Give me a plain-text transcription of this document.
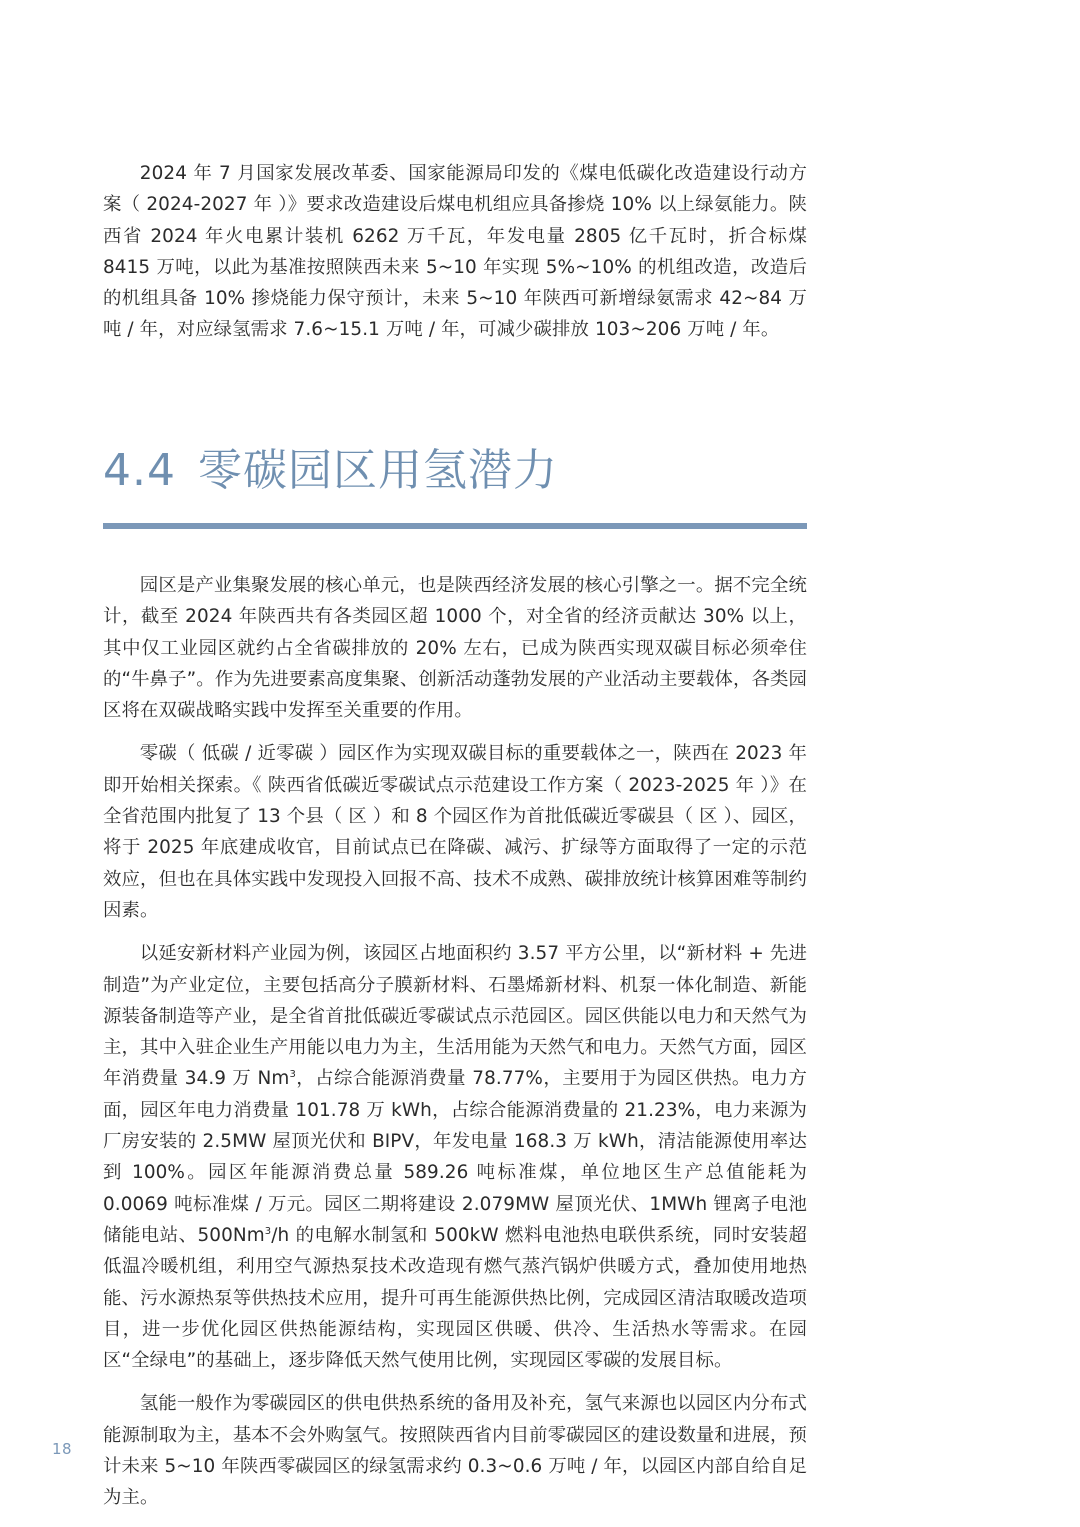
2024 年 7 月国家发展改革委、国家能源局印发的《煤电低碳化改造建设行动方案（ 2024-2027 年 ）》要求改造建设后煤电机组应具备掺烧 10% 以上绿氨能力。陕西省 2024 年火电累计装机 6262 万千瓦，年发电量 2805 亿千瓦时，折合标煤 8415 万吨，以此为基准按照陕西未来 5~10 年实现 5%~10% 的机组改造，改造后的机组具备 10% 掺烧能力保守预计，未来 5~10 年陕西可新增绿氨需求 42~84 万吨 / 年，对应绿氢需求 7.6~15.1 万吨 / 年，可减少碳排放 103~206 万吨 / 年。

4.4 零碳园区用氢潜力

园区是产业集聚发展的核心单元，也是陕西经济发展的核心引擎之一。据不完全统计，截至 2024 年陕西共有各类园区超 1000 个，对全省的经济贡献达 30% 以上，其中仅工业园区就约占全省碳排放的 20% 左右，已成为陕西实现双碳目标必须牵住的“牛鼻子”。作为先进要素高度集聚、创新活动蓬勃发展的产业活动主要载体，各类园区将在双碳战略实践中发挥至关重要的作用。

零碳（ 低碳 / 近零碳 ）园区作为实现双碳目标的重要载体之一，陕西在 2023 年即开始相关探索。《 陕西省低碳近零碳试点示范建设工作方案（ 2023-2025 年 ）》在全省范围内批复了 13 个县（ 区 ）和 8 个园区作为首批低碳近零碳县（ 区 ）、园区，将于 2025 年底建成收官，目前试点已在降碳、减污、扩绿等方面取得了一定的示范效应，但也在具体实践中发现投入回报不高、技术不成熟、碳排放统计核算困难等制约因素。

以延安新材料产业园为例，该园区占地面积约 3.57 平方公里，以“新材料 + 先进制造”为产业定位，主要包括高分子膜新材料、石墨烯新材料、机泵一体化制造、新能源装备制造等产业，是全省首批低碳近零碳试点示范园区。园区供能以电力和天然气为主，其中入驻企业生产用能以电力为主，生活用能为天然气和电力。天然气方面，园区年消费量 34.9 万 Nm$^3$，占综合能源消费量 78.77%，主要用于为园区供热。电力方面，园区年电力消费量 101.78 万 kWh，占综合能源消费量的 21.23%，电力来源为厂房安装的 2.5MW 屋顶光伏和 BIPV，年发电量 168.3 万 kWh，清洁能源使用率达到 100%。园区年能源消费总量 589.26 吨标准煤，单位地区生产总值能耗为 0.0069 吨标准煤 / 万元。园区二期将建设 2.079MW 屋顶光伏、1MWh 锂离子电池储能电站、500Nm$^3$/h 的电解水制氢和 500kW 燃料电池热电联供系统，同时安装超低温冷暖机组，利用空气源热泵技术改造现有燃气蒸汽锅炉供暖方式，叠加使用地热能、污水源热泵等供热技术应用，提升可再生能源供热比例，完成园区清洁取暖改造项目，进一步优化园区供热能源结构，实现园区供暖、供冷、生活热水等需求。在园区“全绿电”的基础上，逐步降低天然气使用比例，实现园区零碳的发展目标。

氢能一般作为零碳园区的供电供热系统的备用及补充，氢气来源也以园区内分布式能源制取为主，基本不会外购氢气。按照陕西省内目前零碳园区的建设数量和进展，预计未来 5~10 年陕西零碳园区的绿氢需求约 0.3~0.6 万吨 / 年，以园区内部自给自足为主。

18
